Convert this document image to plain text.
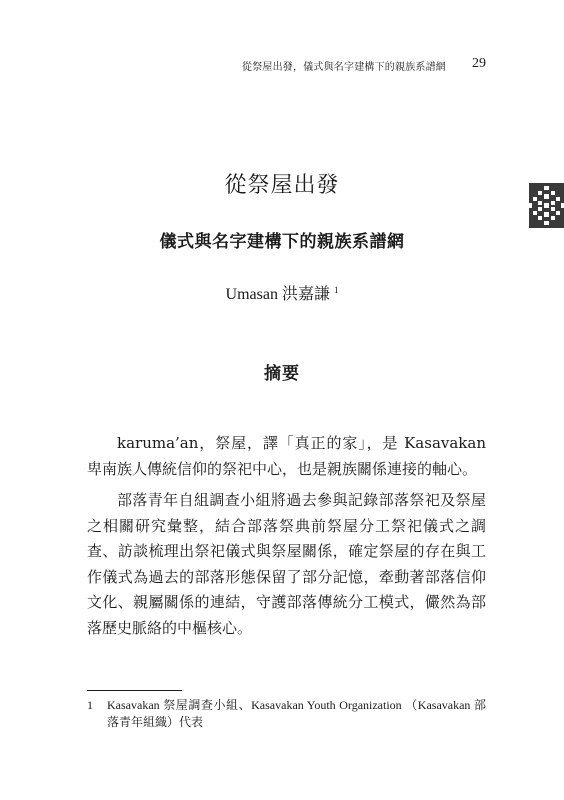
從祭屋出發，儀式與名字建構下的親族系譜網 29
從祭屋出發
儀式與名字建構下的親族系譜網
Umasan 洪嘉謙 $^1$
摘要

karuma’an，祭屋，譯「真正的家」，是 Kasavakan 卑南族人傳統信仰的祭祀中心，也是親族關係連接的軸心。

部落青年自組調查小組將過去參與記錄部落祭祀及祭屋之相關研究彙整，結合部落祭典前祭屋分工祭祀儀式之調查、訪談梳理出祭祀儀式與祭屋關係，確定祭屋的存在與工作儀式為過去的部落形態保留了部分記憶，牽動著部落信仰文化、親屬關係的連結，守護部落傳統分工模式，儼然為部落歷史脈絡的中樞核心。

1	Kasavakan 祭屋調查小組、Kasavakan Youth Organization （Kasavakan 部落青年組織）代表
